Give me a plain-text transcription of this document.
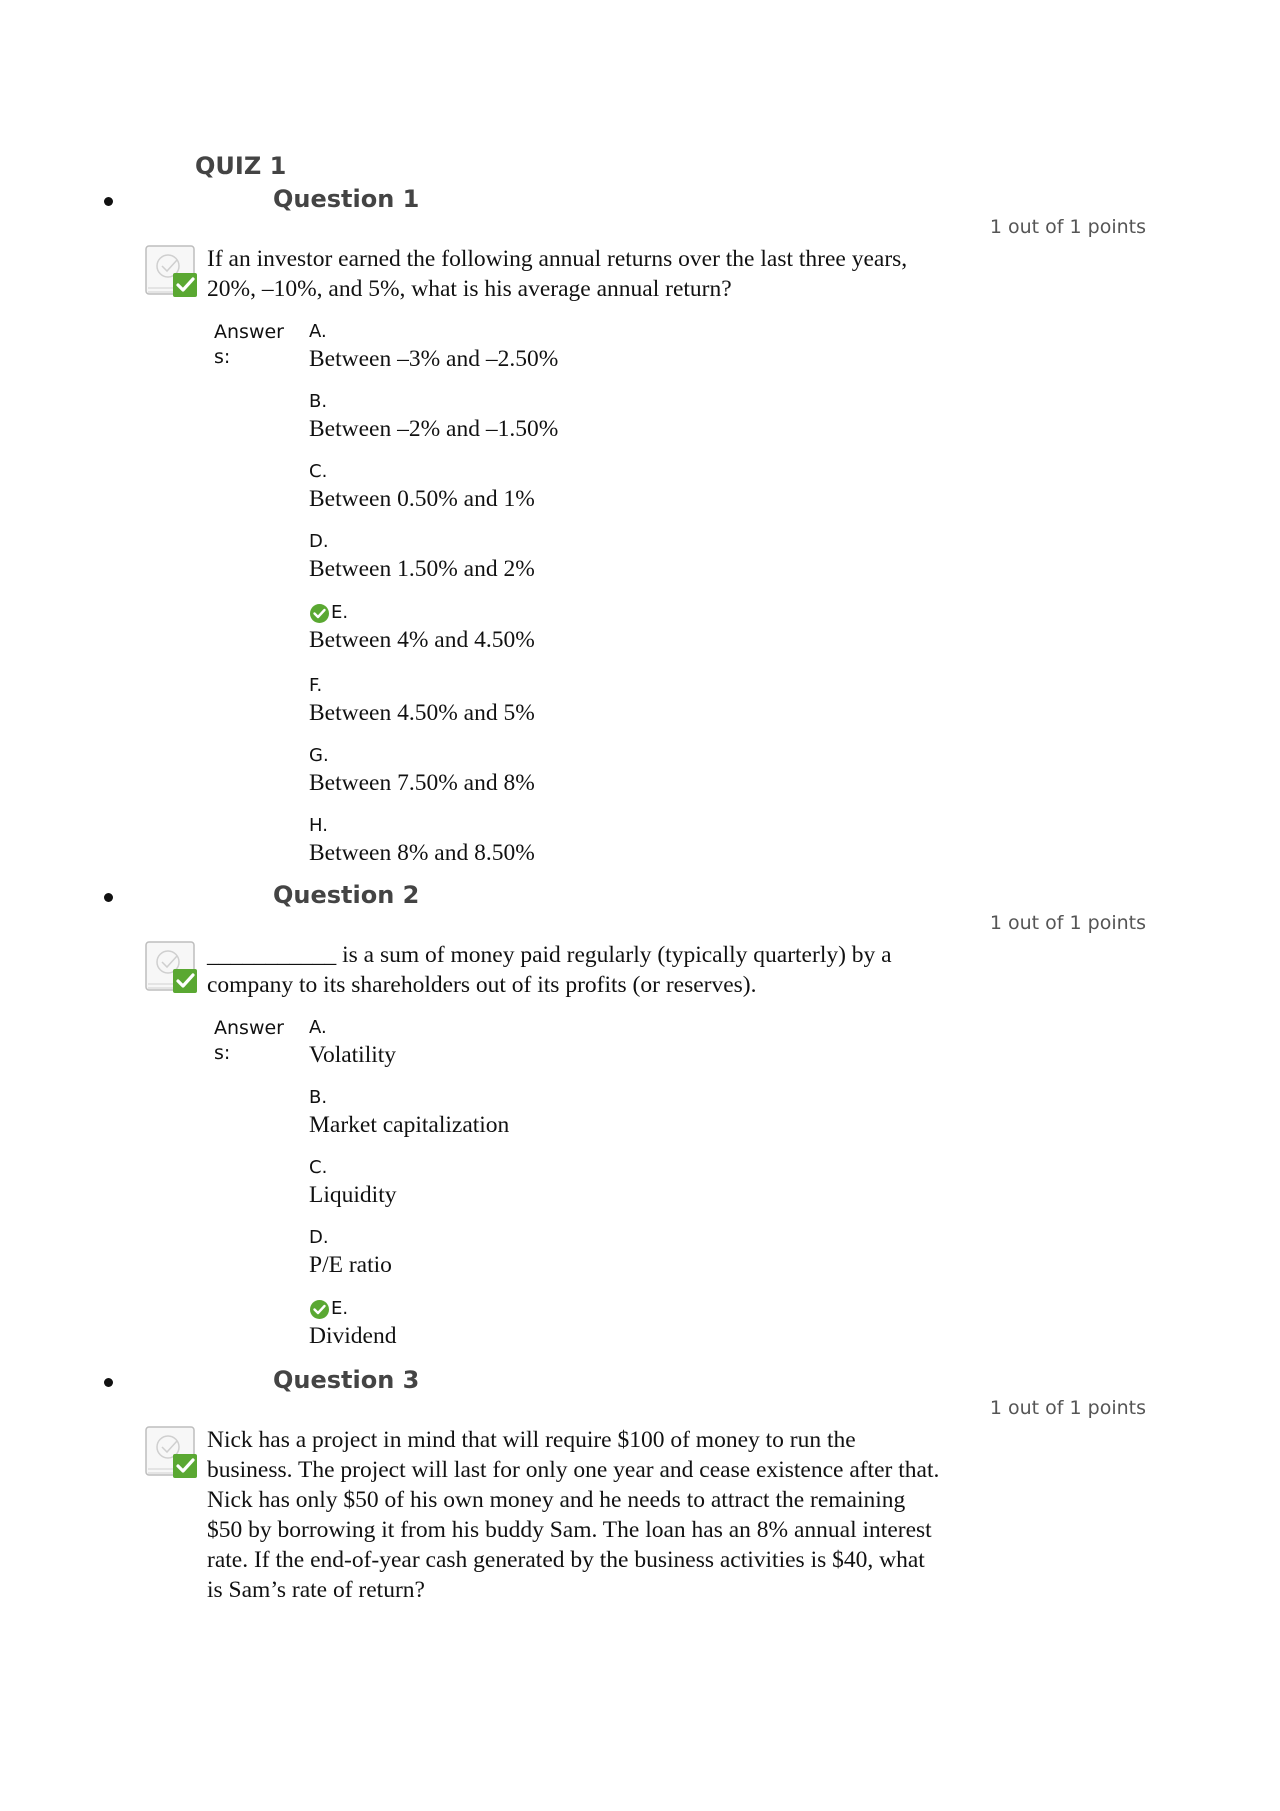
QUIZ 1
Question 1
1 out of 1 points
If an investor earned the following annual returns over the last three years,
20%, –10%, and 5%, what is his average annual return?
Answers:
A.
Between –3% and –2.50%
B.
Between –2% and –1.50%
C.
Between 0.50% and 1%
D.
Between 1.50% and 2%
E.
Between 4% and 4.50%
F.
Between 4.50% and 5%
G.
Between 7.50% and 8%
H.
Between 8% and 8.50%
Question 2
1 out of 1 points
___________ is a sum of money paid regularly (typically quarterly) by a
company to its shareholders out of its profits (or reserves).
Answers:
A.
Volatility
B.
Market capitalization
C.
Liquidity
D.
P/E ratio
E.
Dividend
Question 3
1 out of 1 points
Nick has a project in mind that will require $100 of money to run the
business. The project will last for only one year and cease existence after that.
Nick has only $50 of his own money and he needs to attract the remaining
$50 by borrowing it from his buddy Sam. The loan has an 8% annual interest
rate. If the end-of-year cash generated by the business activities is $40, what
is Sam’s rate of return?
